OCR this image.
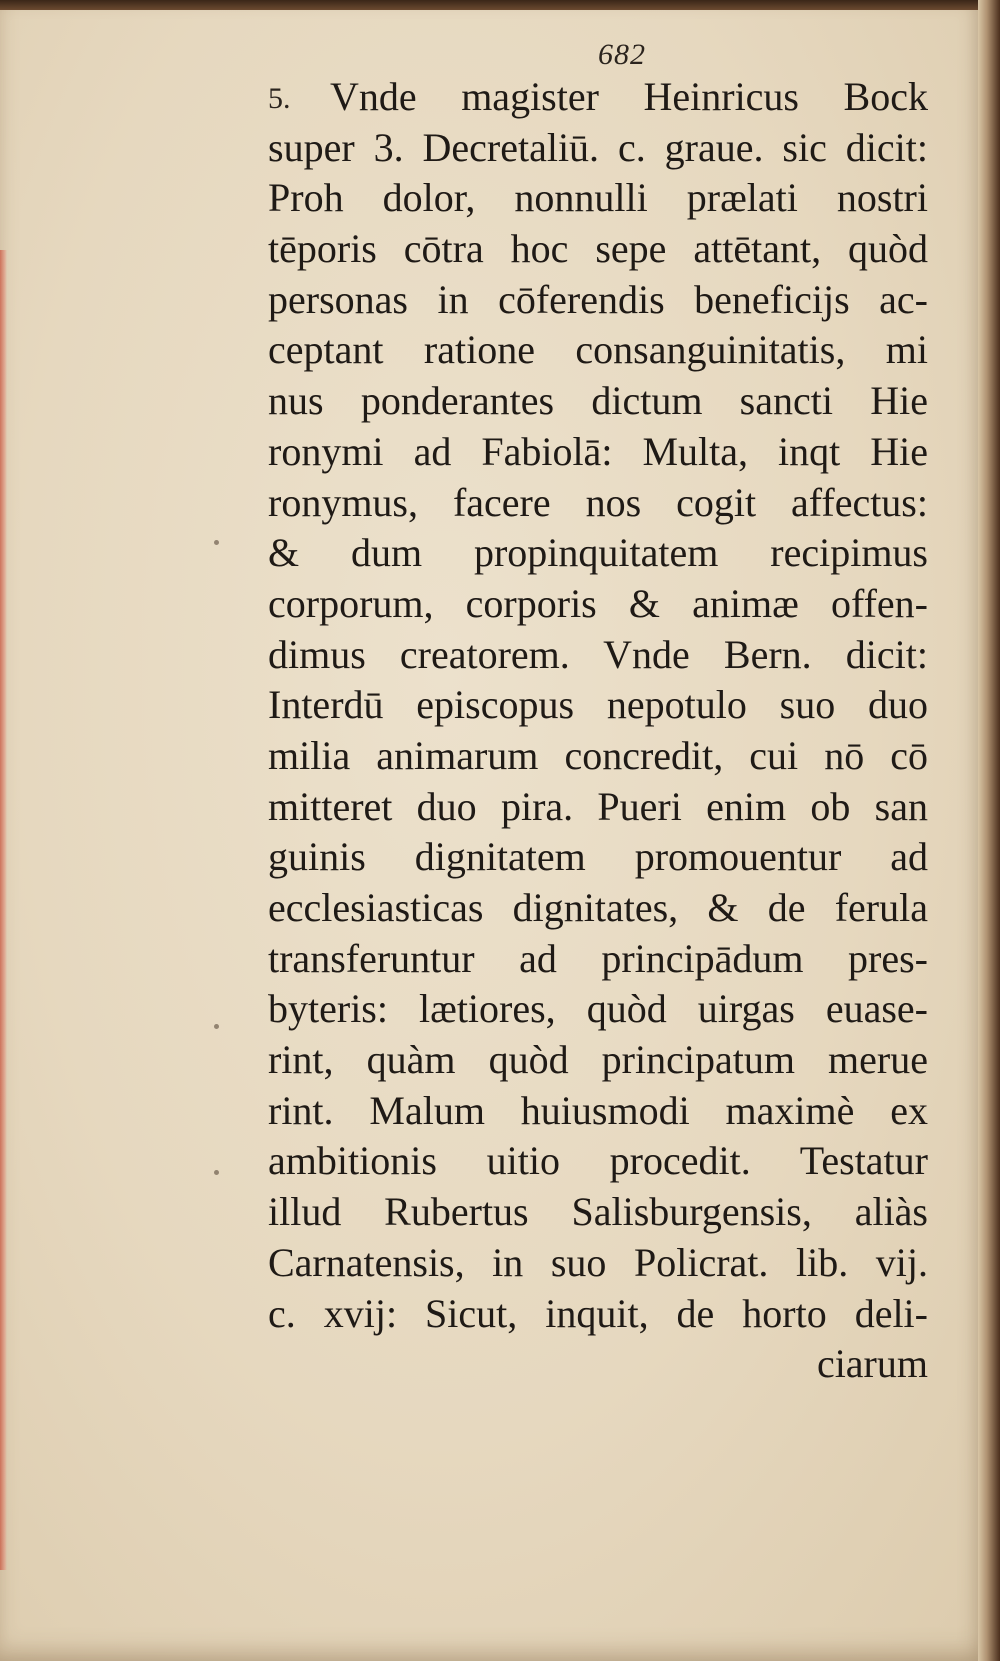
682
5. Vnde magister Heinricus Bock
super 3. Decretaliū. c. graue. sic dicit:
Proh dolor, nonnulli prælati nostri
tēporis cōtra hoc sepe attētant, quòd
personas in cōferendis beneficijs ac-
ceptant ratione consanguinitatis, mi
nus ponderantes dictum sancti Hie
ronymi ad Fabiolā: Multa, inqt Hie
ronymus, facere nos cogit affectus:
& dum propinquitatem recipimus
corporum, corporis & animæ offen-
dimus creatorem. Vnde Bern. dicit:
Interdū episcopus nepotulo suo duo
milia animarum concredit, cui nō cō
mitteret duo pira. Pueri enim ob san
guinis dignitatem promouentur ad
ecclesiasticas dignitates, & de ferula
transferuntur ad principādum pres-
byteris: lætiores, quòd uirgas euase-
rint, quàm quòd principatum merue
rint. Malum huiusmodi maximè ex
ambitionis uitio procedit. Testatur
illud Rubertus Salisburgensis, aliàs
Carnatensis, in suo Policrat. lib. vij.
c. xvij: Sicut, inquit, de horto deli-
ciarum
